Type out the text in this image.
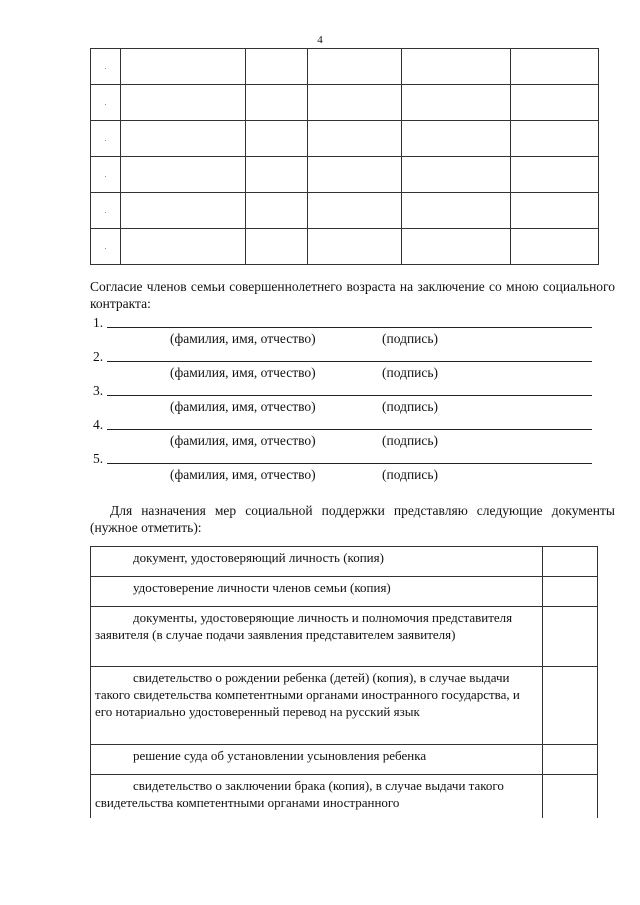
4
.					
.					
.					
.					
.					
.					
Согласие членов семьи совершеннолетнего возраста на заключение со мною социального контракта:
1.
(фамилия, имя, отчество)	(подпись)
2.
(фамилия, имя, отчество)	(подпись)
3.
(фамилия, имя, отчество)	(подпись)
4.
(фамилия, имя, отчество)	(подпись)
5.
(фамилия, имя, отчество)	(подпись)
Для назначения мер социальной поддержки представляю следующие документы (нужное отметить):
документ, удостоверяющий личность (копия)	
удостоверение личности членов семьи (копия)	
документы, удостоверяющие личность и полномочия представителя заявителя (в случае подачи заявления представителем заявителя)	
свидетельство о рождении ребенка (детей) (копия), в случае выдачи такого свидетельства компетентными органами иностранного государства, и его нотариально удостоверенный перевод на русский язык	
решение суда об установлении усыновления ребенка	
свидетельство о заключении брака (копия), в случае выдачи такого свидетельства компетентными органами иностранного	
